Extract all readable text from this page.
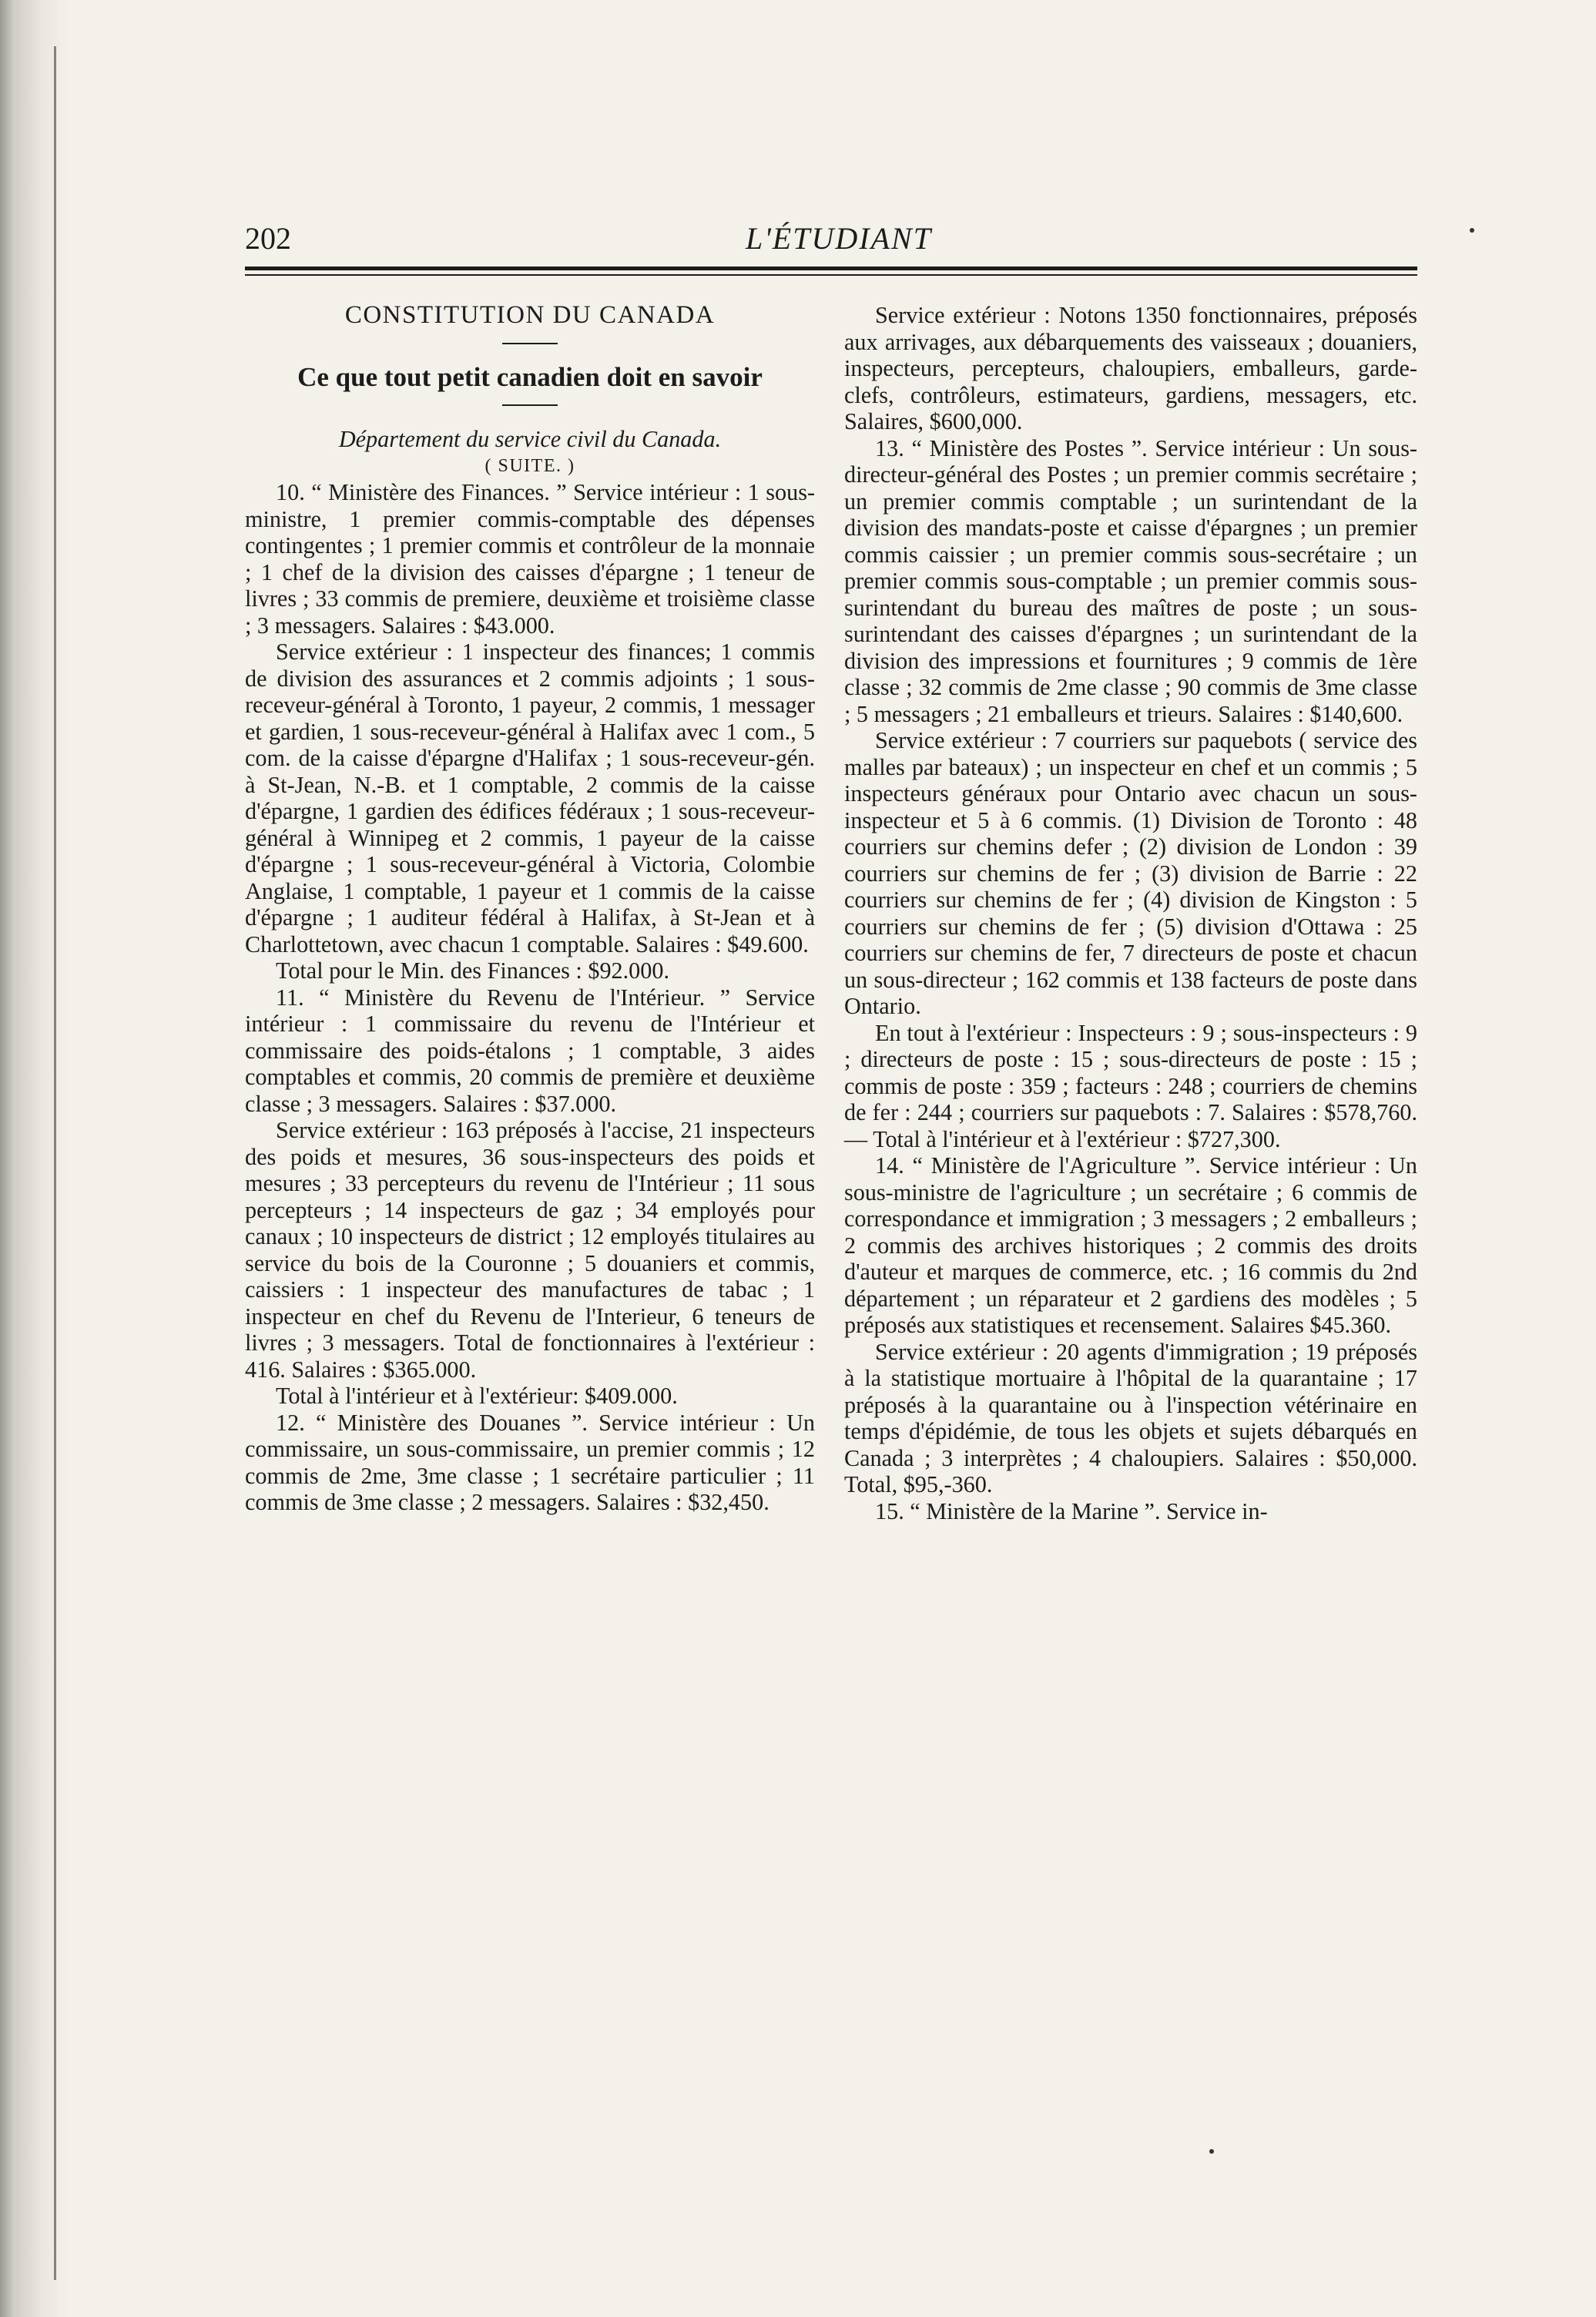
202	L'ÉTUDIANT

CONSTITUTION DU CANADA

Ce que tout petit canadien doit en savoir

Département du service civil du Canada.

( SUITE. )

10. “ Ministère des Finances. ” Service intérieur : 1 sous-ministre, 1 premier commis-comptable des dépenses contingentes ; 1 premier commis et contrôleur de la monnaie ; 1 chef de la division des caisses d'épargne ; 1 teneur de livres ; 33 commis de premiere, deuxième et troisième classe ; 3 messagers. Salaires : $43.000.

Service extérieur : 1 inspecteur des finances; 1 commis de division des assurances et 2 commis adjoints ; 1 sous-receveur-général à Toronto, 1 payeur, 2 commis, 1 messager et gardien, 1 sous-receveur-général à Halifax avec 1 com., 5 com. de la caisse d'épargne d'Halifax ; 1 sous-receveur-gén. à St-Jean, N.-B. et 1 comptable, 2 commis de la caisse d'épargne, 1 gardien des édifices fédéraux ; 1 sous-receveur-général à Winnipeg et 2 commis, 1 payeur de la caisse d'épargne ; 1 sous-receveur-général à Victoria, Colombie Anglaise, 1 comptable, 1 payeur et 1 commis de la caisse d'épargne ; 1 auditeur fédéral à Halifax, à St-Jean et à Charlottetown, avec chacun 1 comptable. Salaires : $49.600.

Total pour le Min. des Finances : $92.000.

11. “ Ministère du Revenu de l'Intérieur. ” Service intérieur : 1 commissaire du revenu de l'Intérieur et commissaire des poids-étalons ; 1 comptable, 3 aides comptables et commis, 20 commis de première et deuxième classe ; 3 messagers. Salaires : $37.000.

Service extérieur : 163 préposés à l'accise, 21 inspecteurs des poids et mesures, 36 sous-inspecteurs des poids et mesures ; 33 percepteurs du revenu de l'Intérieur ; 11 sous percepteurs ; 14 inspecteurs de gaz ; 34 employés pour canaux ; 10 inspecteurs de district ; 12 employés titulaires au service du bois de la Couronne ; 5 douaniers et commis, caissiers : 1 inspecteur des manufactures de tabac ; 1 inspecteur en chef du Revenu de l'Interieur, 6 teneurs de livres ; 3 messagers. Total de fonctionnaires à l'extérieur : 416. Salaires : $365.000.

Total à l'intérieur et à l'extérieur: $409.000.

12. “ Ministère des Douanes ”. Service intérieur : Un commissaire, un sous-commissaire, un premier commis ; 12 commis de 2me, 3me classe ; 1 secrétaire particulier ; 11 commis de 3me classe ; 2 messagers. Salaires : $32,450.

Service extérieur : Notons 1350 fonctionnaires, préposés aux arrivages, aux débarquements des vaisseaux ; douaniers, inspecteurs, percepteurs, chaloupiers, emballeurs, garde-clefs, contrôleurs, estimateurs, gardiens, messagers, etc. Salaires, $600,000.

13. “ Ministère des Postes ”. Service intérieur : Un sous-directeur-général des Postes ; un premier commis secrétaire ; un premier commis comptable ; un surintendant de la division des mandats-poste et caisse d'épargnes ; un premier commis caissier ; un premier commis sous-secrétaire ; un premier commis sous-comptable ; un premier commis sous-surintendant du bureau des maîtres de poste ; un sous-surintendant des caisses d'épargnes ; un surintendant de la division des impressions et fournitures ; 9 commis de 1ère classe ; 32 commis de 2me classe ; 90 commis de 3me classe ; 5 messagers ; 21 emballeurs et trieurs. Salaires : $140,600.

Service extérieur : 7 courriers sur paquebots ( service des malles par bateaux) ; un inspecteur en chef et un commis ; 5 inspecteurs généraux pour Ontario avec chacun un sous-inspecteur et 5 à 6 commis. (1) Division de Toronto : 48 courriers sur chemins defer ; (2) division de London : 39 courriers sur chemins de fer ; (3) division de Barrie : 22 courriers sur chemins de fer ; (4) division de Kingston : 5 courriers sur chemins de fer ; (5) division d'Ottawa : 25 courriers sur chemins de fer, 7 directeurs de poste et chacun un sous-directeur ; 162 commis et 138 facteurs de poste dans Ontario.

En tout à l'extérieur : Inspecteurs : 9 ; sous-inspecteurs : 9 ; directeurs de poste : 15 ; sous-directeurs de poste : 15 ; commis de poste : 359 ; facteurs : 248 ; courriers de chemins de fer : 244 ; courriers sur paquebots : 7. Salaires : $578,760.— Total à l'intérieur et à l'extérieur : $727,300.

14. “ Ministère de l'Agriculture ”. Service intérieur : Un sous-ministre de l'agriculture ; un secrétaire ; 6 commis de correspondance et immigration ; 3 messagers ; 2 emballeurs ; 2 commis des archives historiques ; 2 commis des droits d'auteur et marques de commerce, etc. ; 16 commis du 2nd département ; un réparateur et 2 gardiens des modèles ; 5 préposés aux statistiques et recensement. Salaires $45.360.

Service extérieur : 20 agents d'immigration ; 19 préposés à la statistique mortuaire à l'hôpital de la quarantaine ; 17 préposés à la quarantaine ou à l'inspection vétérinaire en temps d'épidémie, de tous les objets et sujets débarqués en Canada ; 3 interprètes ; 4 chaloupiers. Salaires : $50,000. Total, $95,-360.

15. “ Ministère de la Marine ”. Service in-
